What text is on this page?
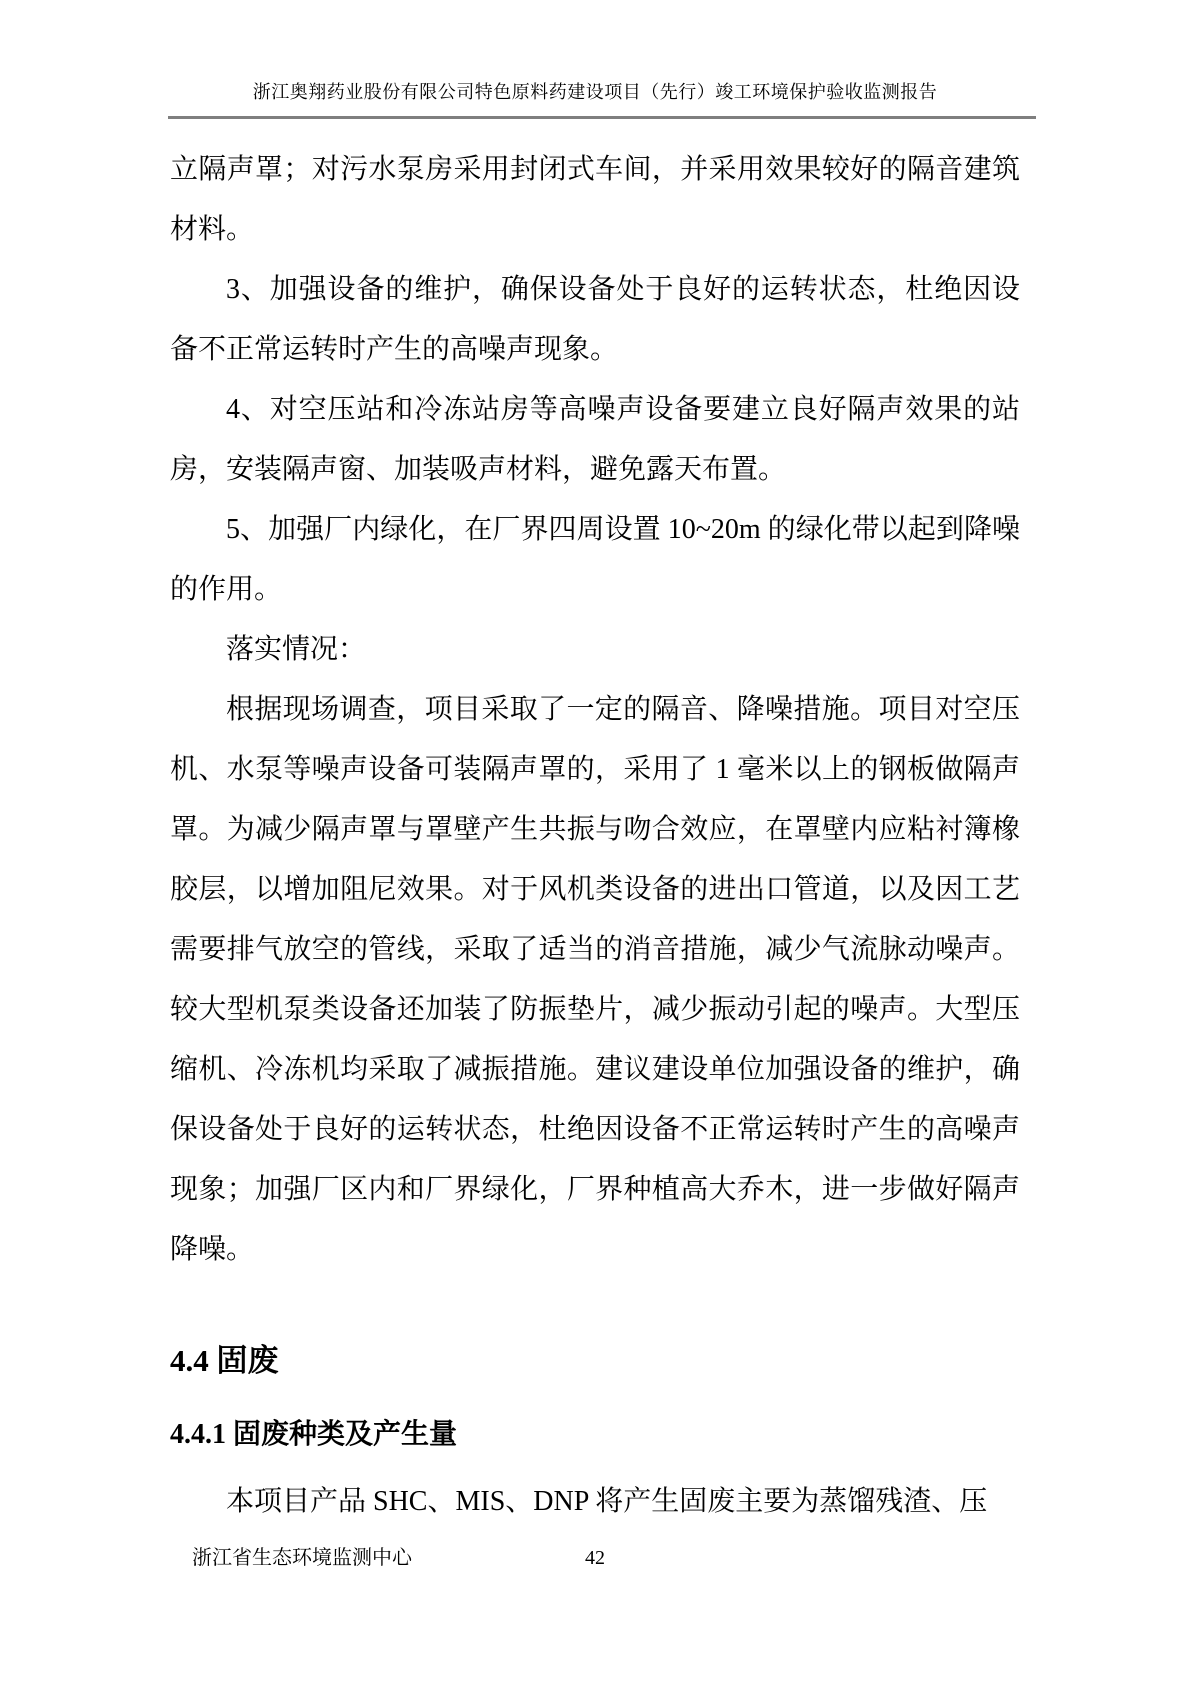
浙江奥翔药业股份有限公司特色原料药建设项目（先行）竣工环境保护验收监测报告

立隔声罩；对污水泵房采用封闭式车间，并采用效果较好的隔音建筑材料。

3、加强设备的维护，确保设备处于良好的运转状态，杜绝因设备不正常运转时产生的高噪声现象。

4、对空压站和冷冻站房等高噪声设备要建立良好隔声效果的站房，安装隔声窗、加装吸声材料，避免露天布置。

5、加强厂内绿化，在厂界四周设置 10~20m 的绿化带以起到降噪的作用。

落实情况：

根据现场调查，项目采取了一定的隔音、降噪措施。项目对空压机、水泵等噪声设备可装隔声罩的，采用了 1 毫米以上的钢板做隔声罩。为减少隔声罩与罩壁产生共振与吻合效应，在罩壁内应粘衬簿橡胶层，以增加阻尼效果。对于风机类设备的进出口管道，以及因工艺需要排气放空的管线，采取了适当的消音措施，减少气流脉动噪声。较大型机泵类设备还加装了防振垫片，减少振动引起的噪声。大型压缩机、冷冻机均采取了减振措施。建议建设单位加强设备的维护，确保设备处于良好的运转状态，杜绝因设备不正常运转时产生的高噪声现象；加强厂区内和厂界绿化，厂界种植高大乔木，进一步做好隔声降噪。

4.4 固废
4.4.1 固废种类及产生量

本项目产品 SHC、MIS、DNP 将产生固废主要为蒸馏残渣、压

浙江省生态环境监测中心	42
